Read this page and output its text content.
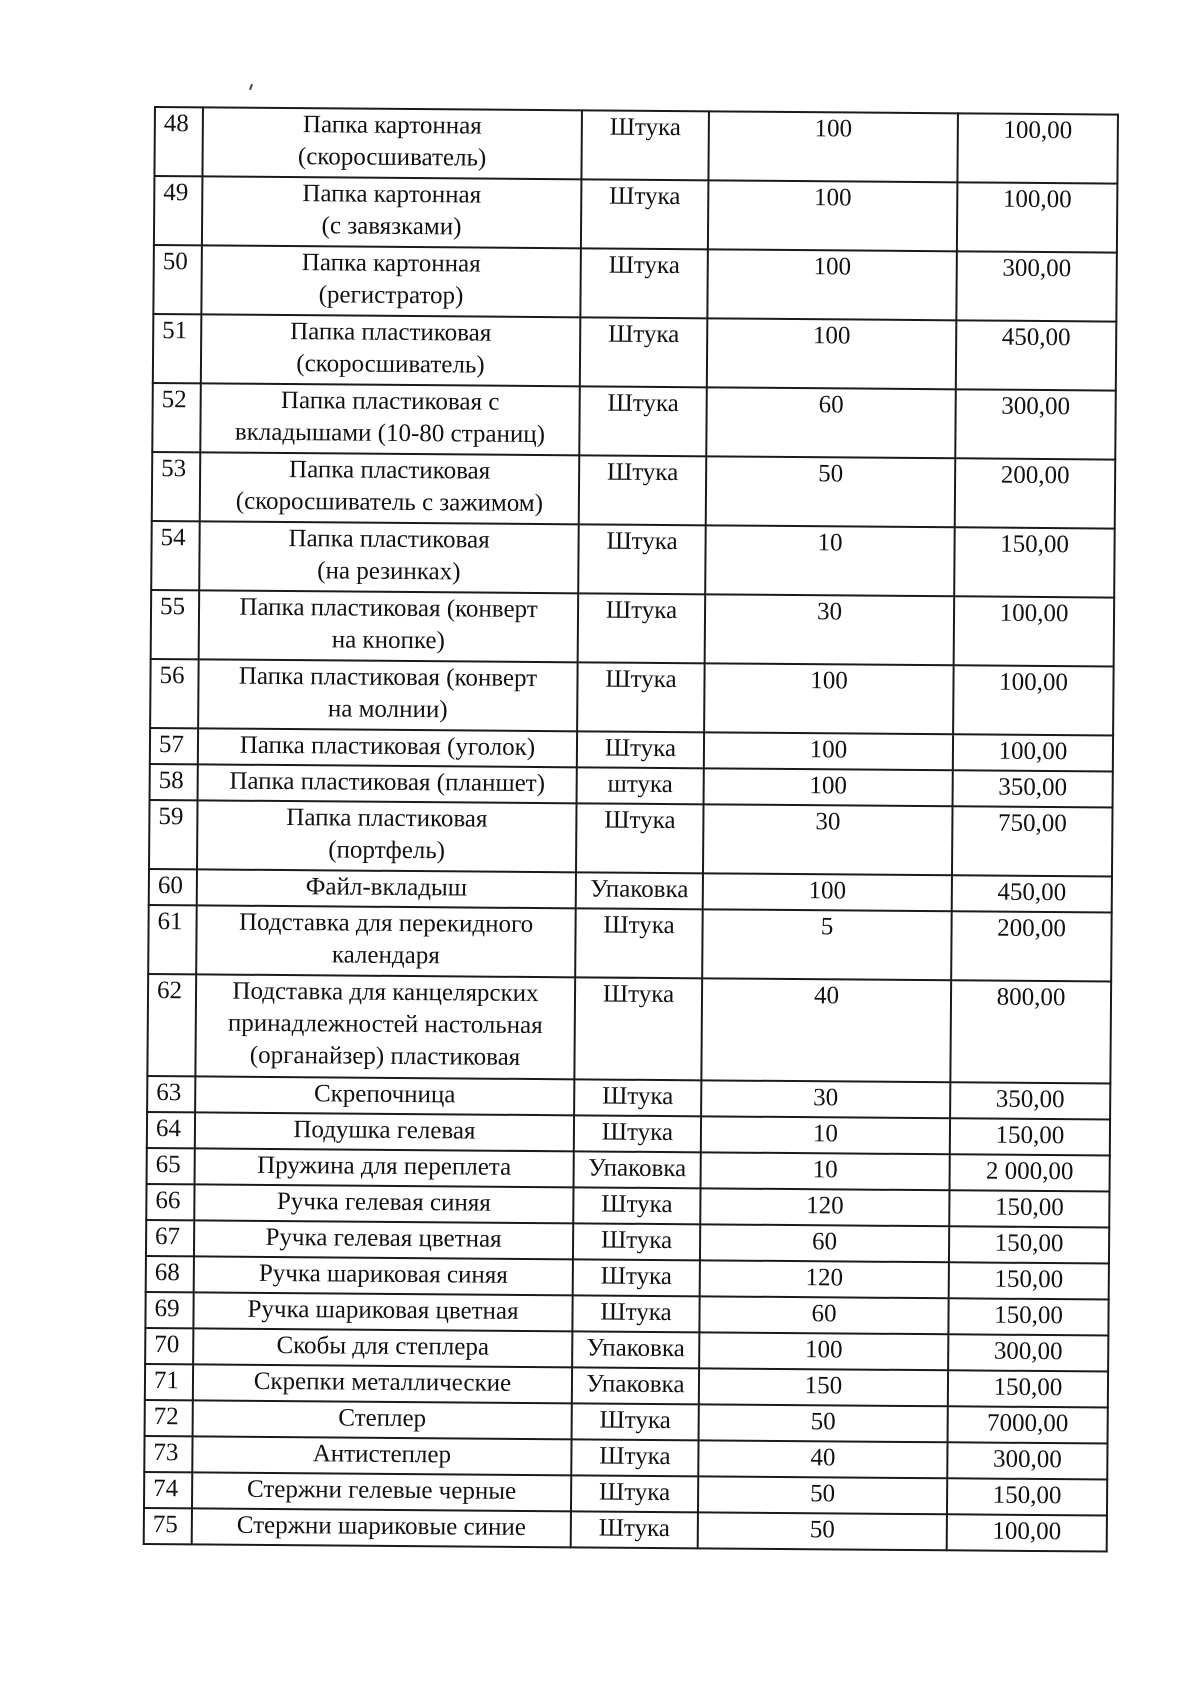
48	Папка картонная
(скоросшиватель)	Штука	100	100,00
49	Папка картонная
(с завязками)	Штука	100	100,00
50	Папка картонная
(регистратор)	Штука	100	300,00
51	Папка пластиковая
(скоросшиватель)	Штука	100	450,00
52	Папка пластиковая с
вкладышами (10-80 страниц)	Штука	60	300,00
53	Папка пластиковая
(скоросшиватель с зажимом)	Штука	50	200,00
54	Папка пластиковая
(на резинках)	Штука	10	150,00
55	Папка пластиковая (конверт
на кнопке)	Штука	30	100,00
56	Папка пластиковая (конверт
на молнии)	Штука	100	100,00
57	Папка пластиковая (уголок)	Штука	100	100,00
58	Папка пластиковая (планшет)	штука	100	350,00
59	Папка пластиковая
(портфель)	Штука	30	750,00
60	Файл-вкладыш	Упаковка	100	450,00
61	Подставка для перекидного
календаря	Штука	5	200,00
62	Подставка для канцелярских
принадлежностей настольная
(органайзер) пластиковая	Штука	40	800,00
63	Скрепочница	Штука	30	350,00
64	Подушка гелевая	Штука	10	150,00
65	Пружина для переплета	Упаковка	10	2 000,00
66	Ручка гелевая синяя	Штука	120	150,00
67	Ручка гелевая цветная	Штука	60	150,00
68	Ручка шариковая синяя	Штука	120	150,00
69	Ручка шариковая цветная	Штука	60	150,00
70	Скобы для степлера	Упаковка	100	300,00
71	Скрепки металлические	Упаковка	150	150,00
72	Степлер	Штука	50	7000,00
73	Антистеплер	Штука	40	300,00
74	Стержни гелевые черные	Штука	50	150,00
75	Стержни шариковые синие	Штука	50	100,00
